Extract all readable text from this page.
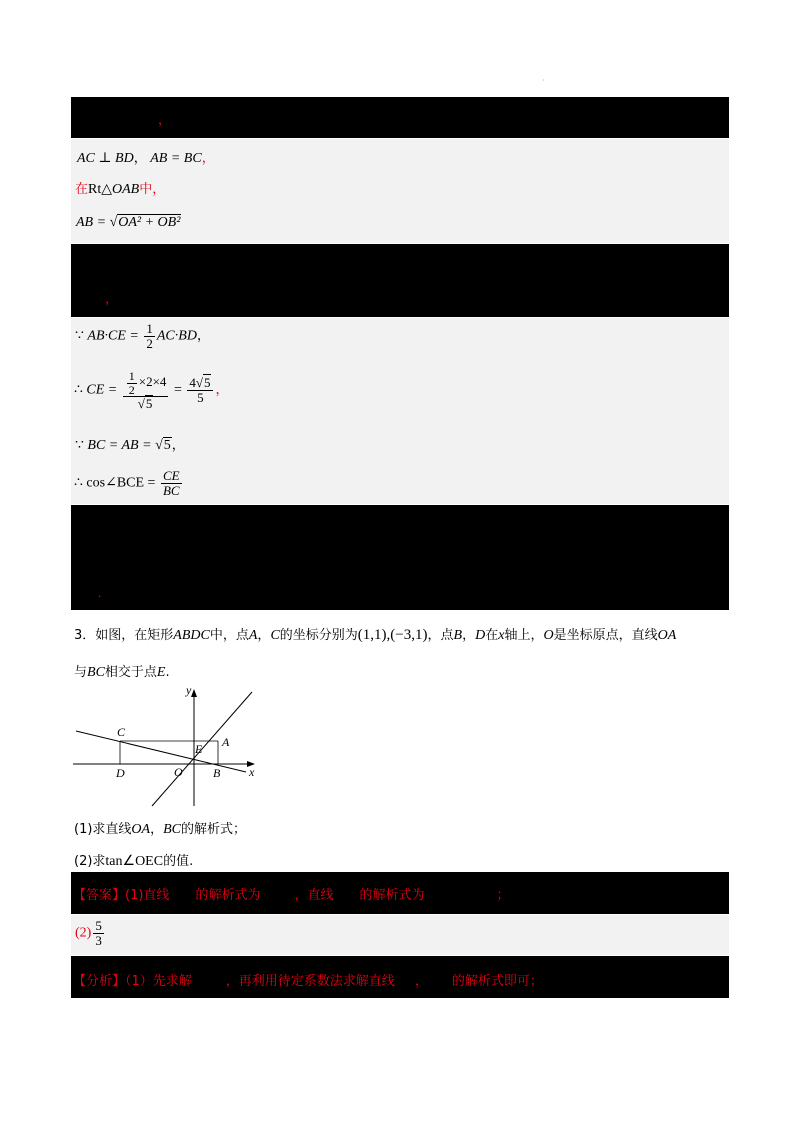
·
，
AC ⊥ BD， AB = BC，
在Rt△OAB中，
AB = √OA² + OB²
，
∵ $AB\cdot CE = \frac{1}{2} AC\cdot BD$，
∴ CE = $\frac{\frac{1}{2} \times 2\times 4}{√5} = \frac{4√5}{5}$ ，
∵ BC = AB = √5，
∴ cos∠BCE = $\frac{CE}{BC}$
.
3．如图，在矩形ABDC中，点A，C的坐标分别为(1,1),(−3,1)，点B，D在x轴上，O是坐标原点，直线OA
与BC相交于点E.
y
x
C
A
E
D	O	B
(1)求直线OA，BC的解析式；
(2)求tan∠OEC的值.
【答案】(1)直线 的解析式为	，直线 的解析式为	；
$(2) \frac{5}{3}$
【分析】（1）先求解	，再利用待定系数法求解直线 ， 的解析式即可；
